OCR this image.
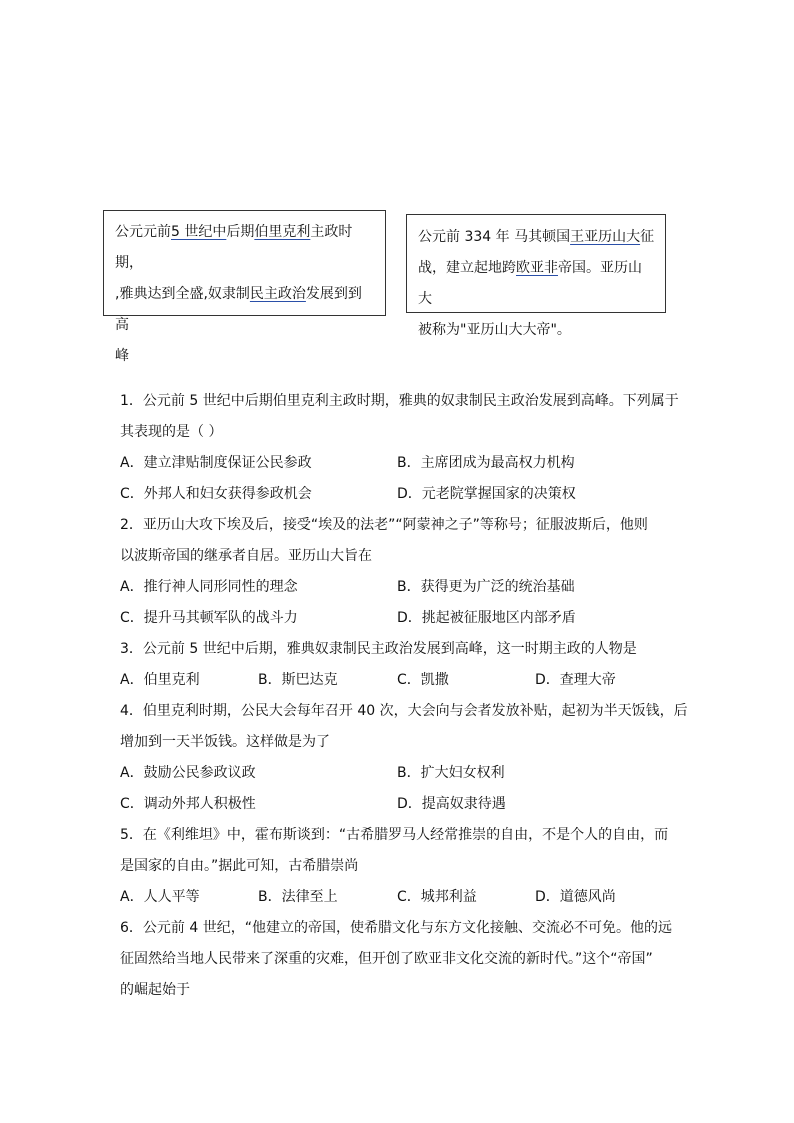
公元元前5 世纪中后期伯里克利主政时期，
,雅典达到全盛,奴隶制民主政治发展到到高
峰
公元前 334 年 马其顿国王亚历山大征
战，建立起地跨欧亚非帝国。亚历山大
被称为"亚历山大大帝"。
1．公元前 5 世纪中后期伯里克利主政时期，雅典的奴隶制民主政治发展到高峰。下列属于
其表现的是（ ）
A．建立津贴制度保证公民参政	B．主席团成为最高权力机构
C．外邦人和妇女获得参政机会	D．元老院掌握国家的决策权
2．亚历山大攻下埃及后，接受“埃及的法老”“阿蒙神之子”等称号；征服波斯后，他则
以波斯帝国的继承者自居。亚历山大旨在
A．推行神人同形同性的理念	B．获得更为广泛的统治基础
C．提升马其顿军队的战斗力	D．挑起被征服地区内部矛盾
3．公元前 5 世纪中后期，雅典奴隶制民主政治发展到高峰，这一时期主政的人物是
A．伯里克利	B．斯巴达克	C．凯撒	D．查理大帝
4．伯里克利时期，公民大会每年召开 40 次，大会向与会者发放补贴，起初为半天饭钱，后
增加到一天半饭钱。这样做是为了
A．鼓励公民参政议政	B．扩大妇女权利
C．调动外邦人积极性	D．提高奴隶待遇
5．在《利维坦》中，霍布斯谈到：“古希腊罗马人经常推崇的自由，不是个人的自由，而
是国家的自由。”据此可知，古希腊崇尚
A．人人平等	B．法律至上	C．城邦利益	D．道德风尚
6．公元前 4 世纪，“他建立的帝国，使希腊文化与东方文化接触、交流必不可免。他的远
征固然给当地人民带来了深重的灾难，但开创了欧亚非文化交流的新时代。”这个“帝国”
的崛起始于
